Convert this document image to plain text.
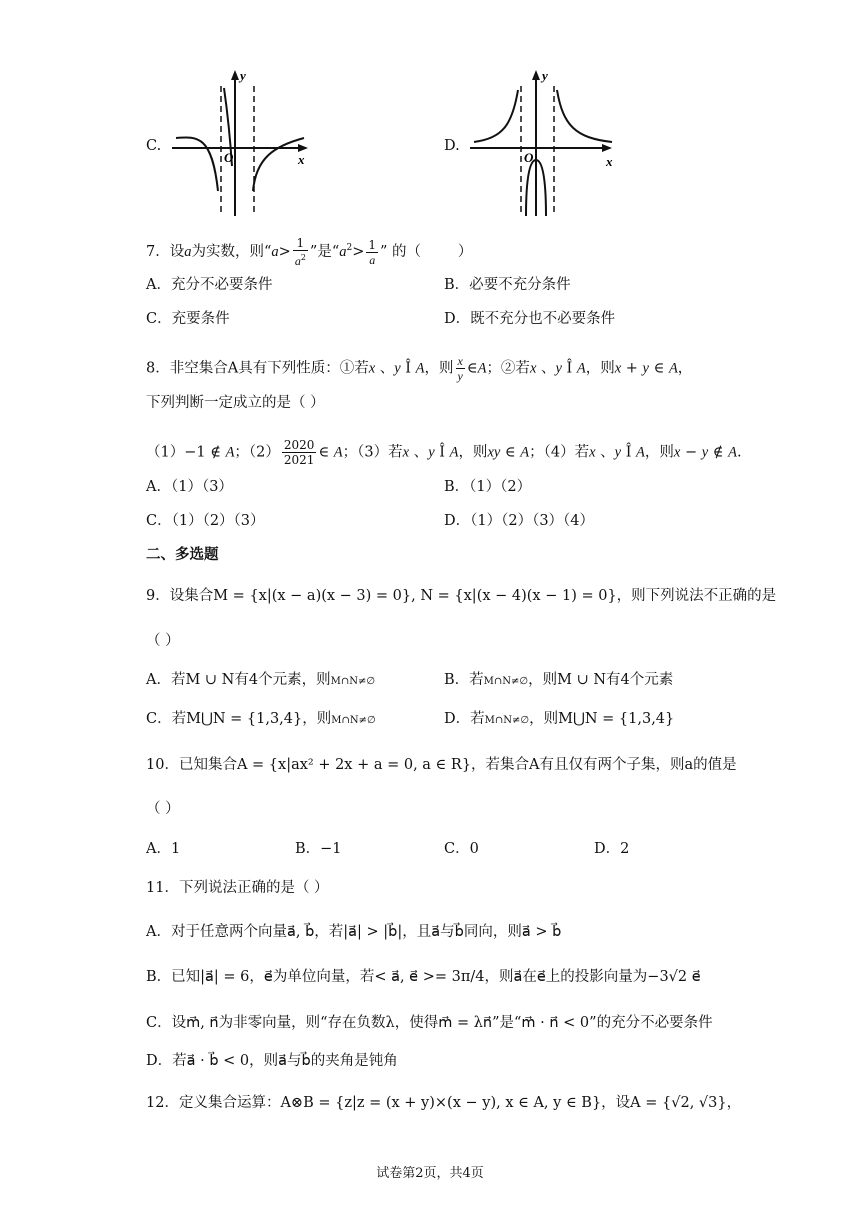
C.
y
x
O
D.
y
x
O
7．设a为实数，则“$a> \frac{1}{a^2}$ ”是“$a^2> \frac{1}{a}$ ” 的（        ）
A．充分不必要条件	B．必要不充分条件
C．充要条件	D．既不充分也不必要条件
8．非空集合A具有下列性质：①若x 、y Î A，则 $\frac{x}{y}$ ∈A；②若x 、y Î A，则x + y ∈ A，
下列判断一定成立的是（ ）
（1）−1 ∉ A；$(2) \frac{2020}{2021}$ ∈ A；（3）若x 、y Î A，则xy ∈ A；（4）若x 、y Î A，则x − y ∉ A.
A．（1）（3）	B．（1）（2）
C．（1）（2）（3）	D．（1）（2）（3）（4）
二、多选题
9．设集合M = {x|(x − a)(x − 3) = 0}, N = {x|(x − 4)(x − 1) = 0}，则下列说法不正确的是
（ ）
A．若M ∪ N有4个元素，则M∩N≠∅	B．若M∩N≠∅，则M ∪ N有4个元素
C．若M⋃N = {1,3,4}，则M∩N≠∅	D．若M∩N≠∅，则M⋃N = {1,3,4}
10．已知集合A = {x|ax² + 2x + a = 0, a ∈ R}，若集合A有且仅有两个子集，则a的值是
（ ）
A．1	B．−1	C．0	D．2
11．下列说法正确的是（ ）
A．对于任意两个向量a⃗, b⃗，若|a⃗| > |b⃗|，且a⃗与b⃗同向，则a⃗ > b⃗
B．已知|a⃗| = 6，e⃗为单位向量，若< a⃗, e⃗ >= 3π/4，则a⃗在e⃗上的投影向量为−3√2 e⃗
C．设m⃗, n⃗为非零向量，则“存在负数λ，使得m⃗ = λn⃗”是“m⃗ · n⃗ < 0”的充分不必要条件
D．若a⃗ · b⃗ < 0，则a⃗与b⃗的夹角是钝角
12．定义集合运算：A⊗B = {z|z = (x + y)×(x − y), x ∈ A, y ∈ B}，设A = {√2, √3}，
试卷第2页，共4页
